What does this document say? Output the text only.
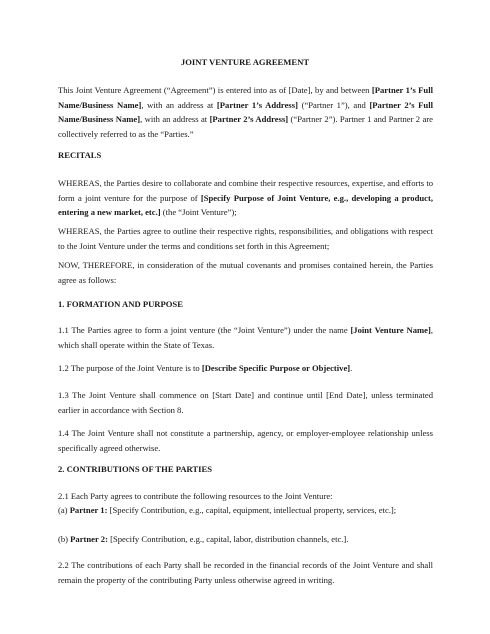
JOINT VENTURE AGREEMENT

This Joint Venture Agreement (“Agreement”) is entered into as of [Date], by and between [Partner 1’s Full Name/Business Name], with an address at [Partner 1’s Address] (“Partner 1”), and [Partner 2’s Full Name/Business Name], with an address at [Partner 2’s Address] (“Partner 2”). Partner 1 and Partner 2 are collectively referred to as the “Parties.”

RECITALS

WHEREAS, the Parties desire to collaborate and combine their respective resources, expertise, and efforts to form a joint venture for the purpose of [Specify Purpose of Joint Venture, e.g., developing a product, entering a new market, etc.] (the “Joint Venture”);

WHEREAS, the Parties agree to outline their respective rights, responsibilities, and obligations with respect to the Joint Venture under the terms and conditions set forth in this Agreement;

NOW, THEREFORE, in consideration of the mutual covenants and promises contained herein, the Parties agree as follows:

1. FORMATION AND PURPOSE

1.1 The Parties agree to form a joint venture (the “Joint Venture”) under the name [Joint Venture Name], which shall operate within the State of Texas.

1.2 The purpose of the Joint Venture is to [Describe Specific Purpose or Objective].

1.3 The Joint Venture shall commence on [Start Date] and continue until [End Date], unless terminated earlier in accordance with Section 8.

1.4 The Joint Venture shall not constitute a partnership, agency, or employer-employee relationship unless specifically agreed otherwise.

2. CONTRIBUTIONS OF THE PARTIES

2.1 Each Party agrees to contribute the following resources to the Joint Venture:

(a) Partner 1: [Specify Contribution, e.g., capital, equipment, intellectual property, services, etc.];

(b) Partner 2: [Specify Contribution, e.g., capital, labor, distribution channels, etc.].

2.2 The contributions of each Party shall be recorded in the financial records of the Joint Venture and shall remain the property of the contributing Party unless otherwise agreed in writing.
